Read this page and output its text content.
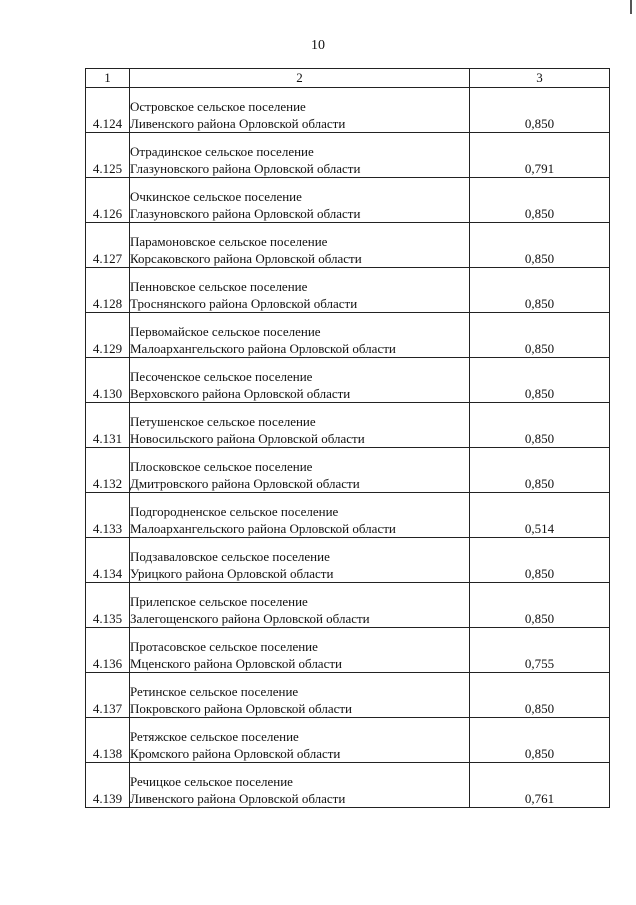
10
1	2	3
4.124	Островское сельское поселение
Ливенского района Орловской области	0,850
4.125	Отрадинское сельское поселение
Глазуновского района Орловской области	0,791
4.126	Очкинское сельское поселение
Глазуновского района Орловской области	0,850
4.127	Парамоновское сельское поселение
Корсаковского района Орловской области	0,850
4.128	Пенновское сельское поселение
Троснянского района Орловской области	0,850
4.129	Первомайское сельское поселение
Малоархангельского района Орловской области	0,850
4.130	Песоченское сельское поселение
Верховского района Орловской области	0,850
4.131	Петушенское сельское поселение
Новосильского района Орловской области	0,850
4.132	Плосковское сельское поселение
Дмитровского района Орловской области	0,850
4.133	Подгородненское сельское поселение
Малоархангельского района Орловской области	0,514
4.134	Подзаваловское сельское поселение
Урицкого района Орловской области	0,850
4.135	Прилепское сельское поселение
Залегощенского района Орловской области	0,850
4.136	Протасовское сельское поселение
Мценского района Орловской области	0,755
4.137	Ретинское сельское поселение
Покровского района Орловской области	0,850
4.138	Ретяжское сельское поселение
Кромского района Орловской области	0,850
4.139	Речицкое сельское поселение
Ливенского района Орловской области	0,761
